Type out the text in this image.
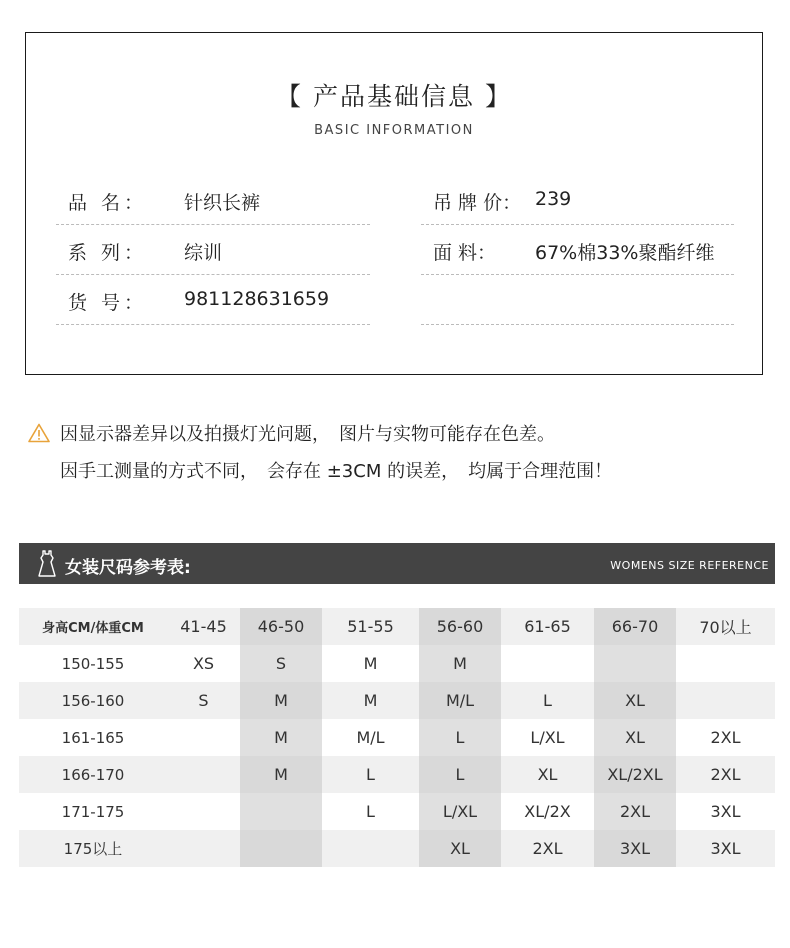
【 产品基础信息 】
BASIC INFORMATION
品 名：	针织长裤
系 列：	综训
货 号：	981128631659
吊 牌 价： 239
面 料：	67%棉33%聚酯纤维
因显示器差异以及拍摄灯光问题，　图片与实物可能存在色差。
因手工测量的方式不同，　会存在 ±3CM 的误差，　均属于合理范围！
女装尺码参考表:	WOMENS SIZE REFERENCE
身高CM/体重CM	41-45	46-50	51-55	56-60	61-65	66-70	70以上
150-155	XS	S	M	M			
156-160	S	M	M	M/L	L	XL	
161-165		M	M/L	L	L/XL	XL	2XL
166-170		M	L	L	XL	XL/2XL	2XL
171-175			L	L/XL	XL/2X	2XL	3XL
175以上				XL	2XL	3XL	3XL
